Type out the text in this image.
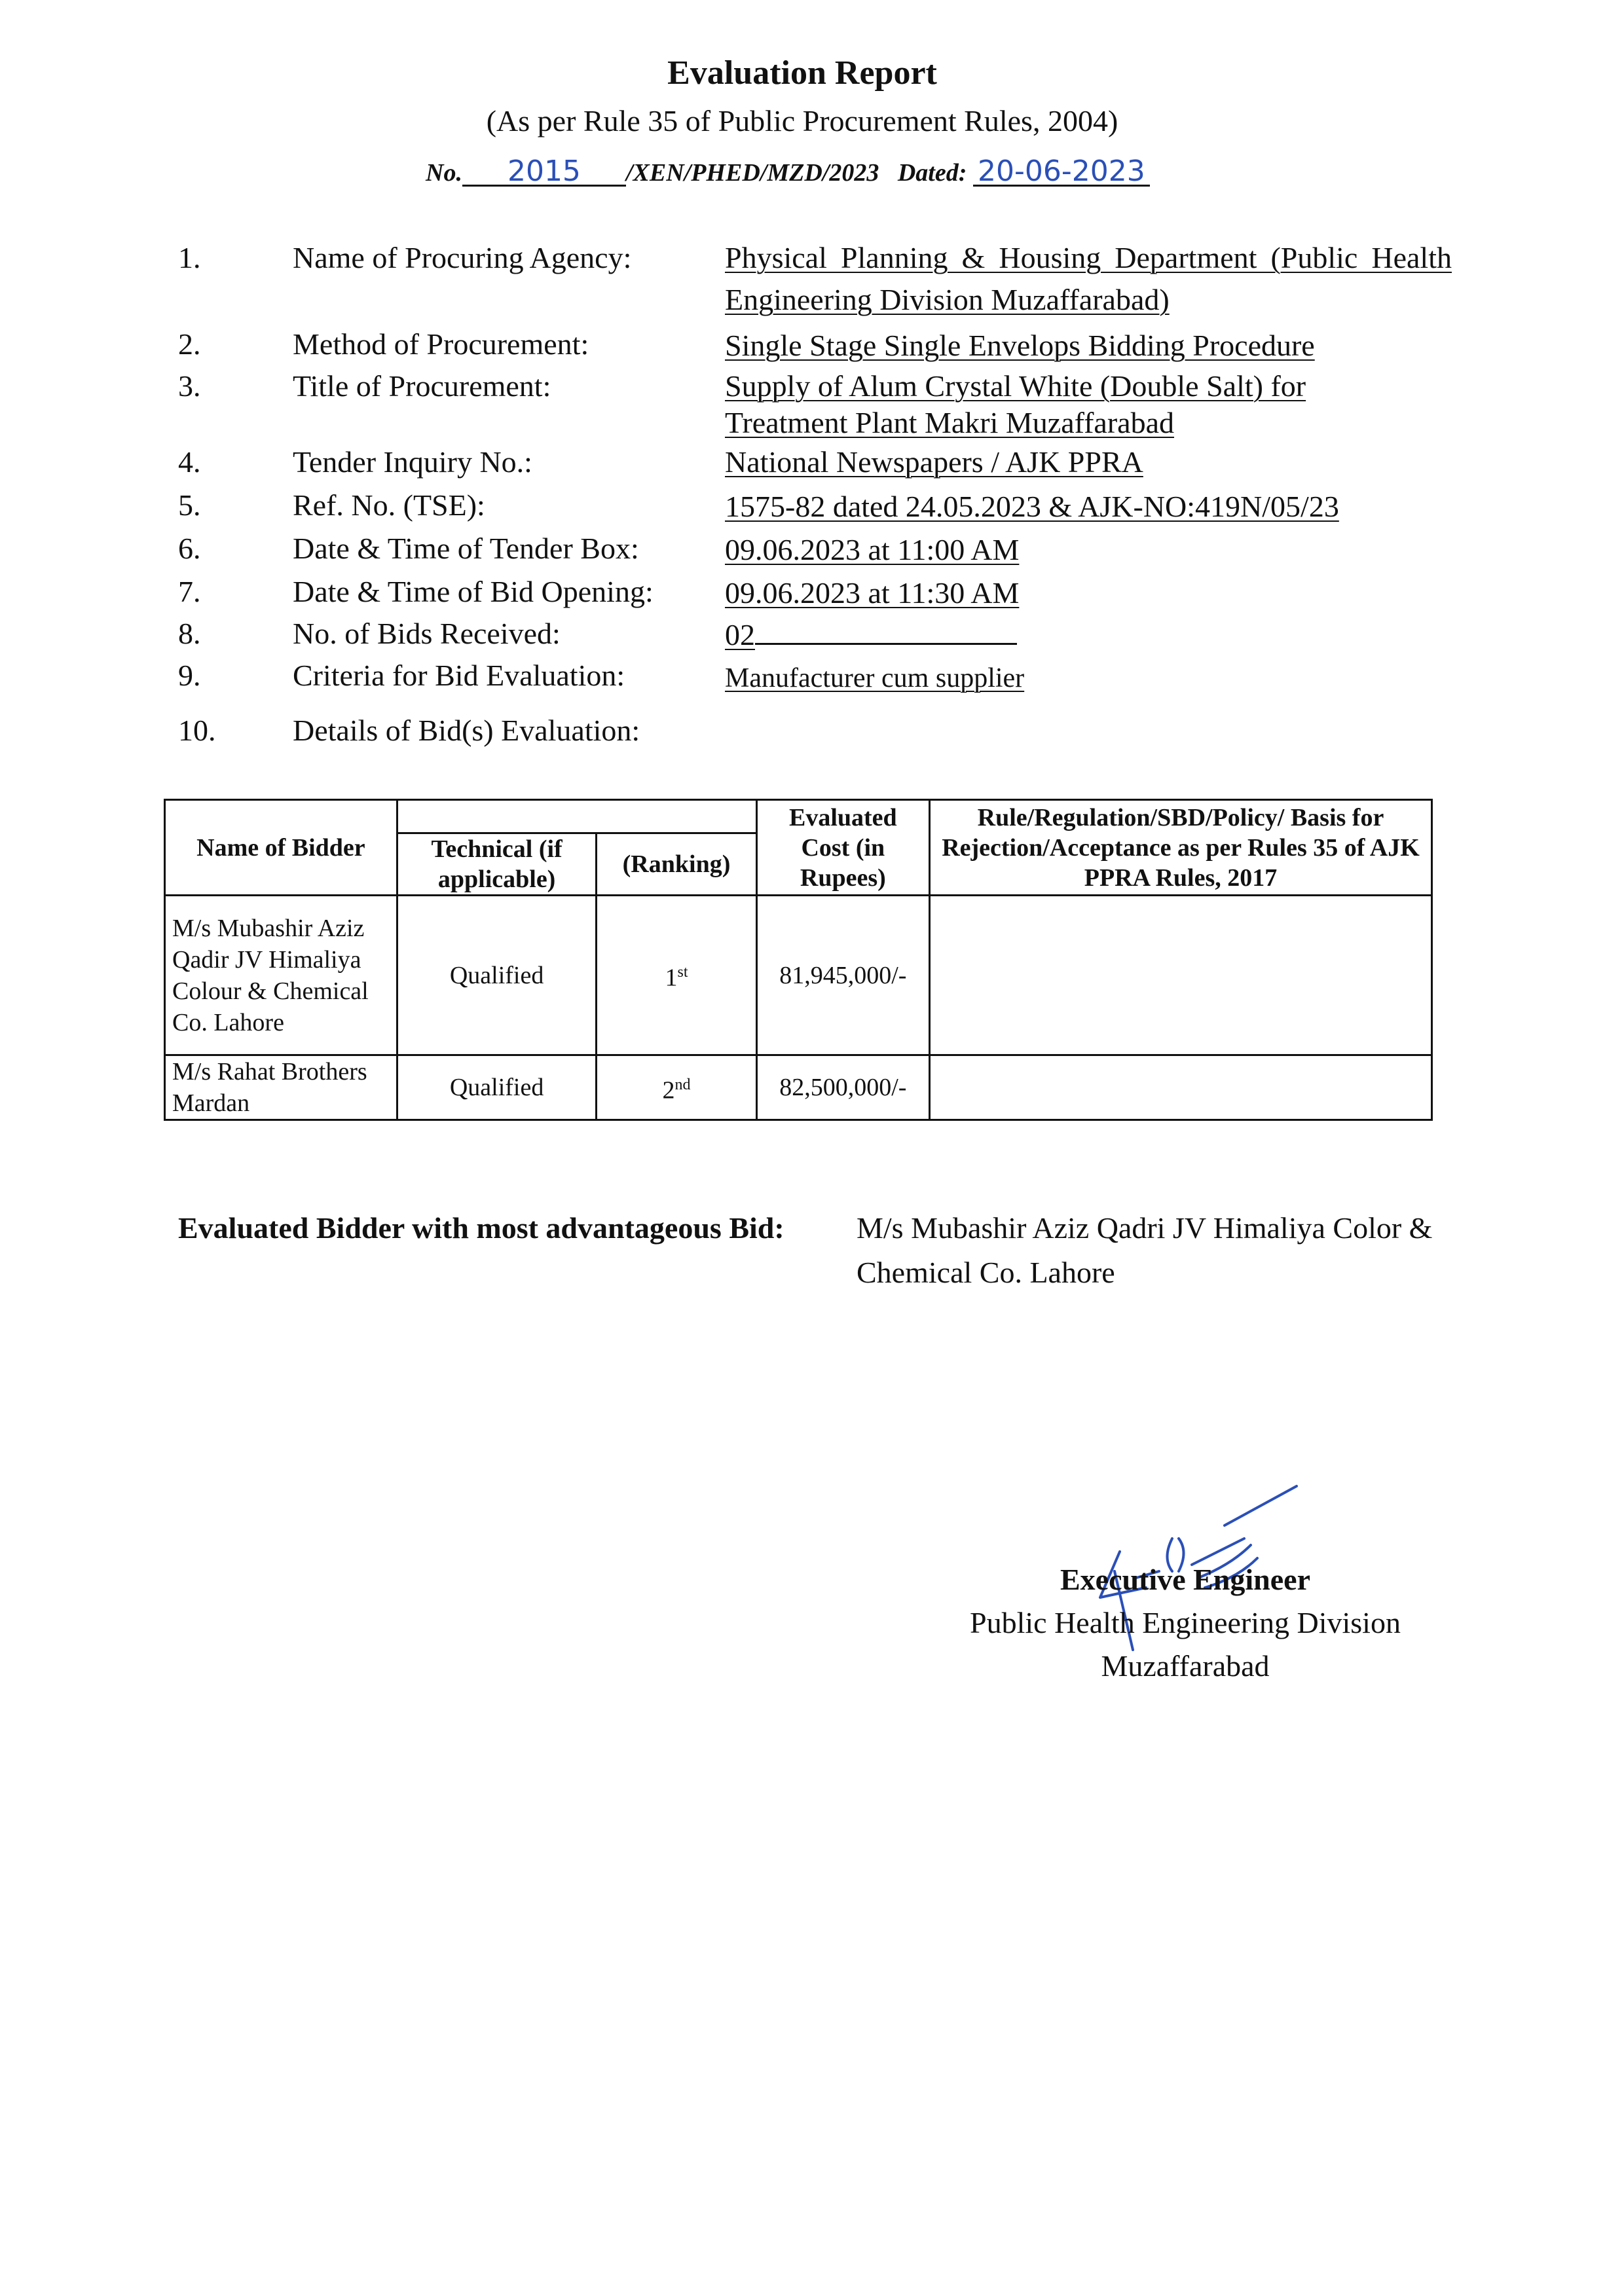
Evaluation Report
(As per Rule 35 of Public Procurement Rules, 2004)
No. 2015 /XEN/PHED/MZD/2023 Dated: 20-06-2023
1.	Name of Procuring Agency:	Physical Planning & Housing Department (Public Health Engineering Division Muzaffarabad)
2.	Method of Procurement:	Single Stage Single Envelops Bidding Procedure
3.	Title of Procurement:	Supply of Alum Crystal White (Double Salt) for Treatment Plant Makri Muzaffarabad
4.	Tender Inquiry No.:	National Newspapers / AJK PPRA
5.	Ref. No. (TSE):	1575-82 dated 24.05.2023 & AJK-NO:419N/05/23
6.	Date & Time of Tender Box:	09.06.2023 at 11:00 AM
7.	Date & Time of Bid Opening: 09.06.2023 at 11:30 AM
8.	No. of Bids Received:	02
9.	Criteria for Bid Evaluation:	Manufacturer cum supplier
10.	Details of Bid(s) Evaluation:
Name of Bidder			Evaluated Cost (in Rupees)	Rule/Regulation/SBD/Policy/ Basis for Rejection/Acceptance as per Rules 35 of AJK PPRA Rules, 2017
	Technical (if applicable)	(Ranking)		
M/s Mubashir Aziz Qadir JV Himaliya Colour & Chemical Co. Lahore	Qualified	1st	81,945,000/-	
M/s Rahat Brothers Mardan	Qualified	2nd	82,500,000/-	
Evaluated Bidder with most advantageous Bid: M/s Mubashir Aziz Qadri JV Himaliya Color & Chemical Co. Lahore
Executive Engineer
Public Health Engineering Division
Muzaffarabad
